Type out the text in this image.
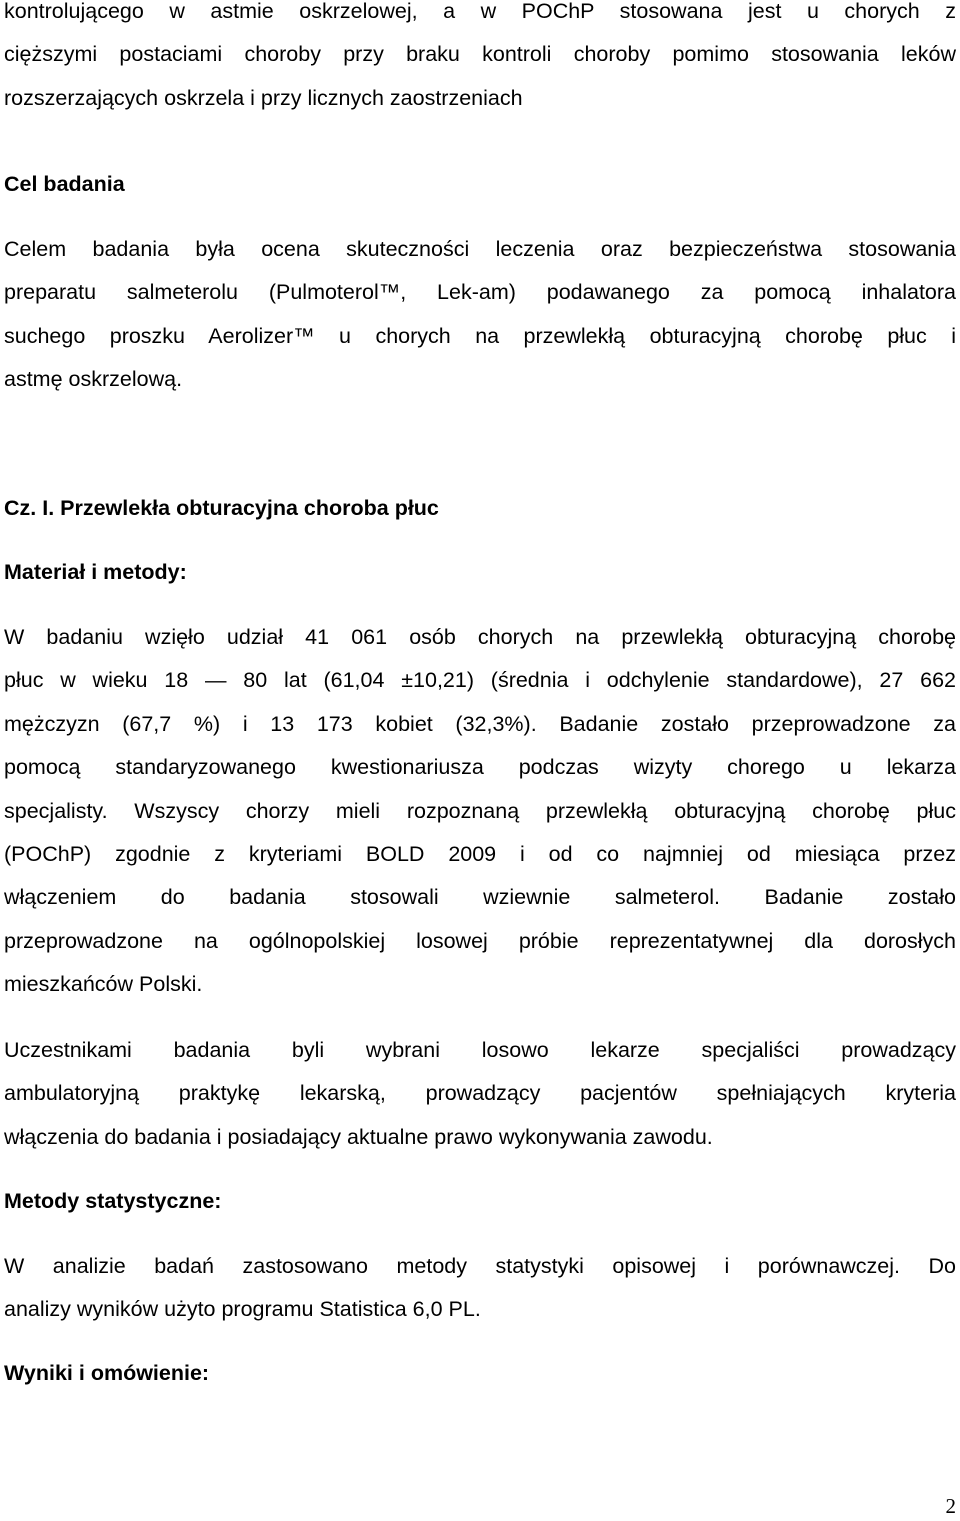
kontrolującego w astmie oskrzelowej, a w POChP stosowana jest u chorych z
cięższymi postaciami choroby przy braku kontroli choroby pomimo stosowania leków
rozszerzających oskrzela i przy licznych zaostrzeniach
Cel badania
Celem badania była ocena skuteczności leczenia oraz bezpieczeństwa stosowania
preparatu salmeterolu (Pulmoterol™, Lek-am) podawanego za pomocą inhalatora
suchego proszku Aerolizer™ u chorych na przewlekłą obturacyjną chorobę płuc i
astmę oskrzelową.
Cz. I. Przewlekła obturacyjna choroba płuc
Materiał i metody:
W badaniu wzięło udział 41 061 osób chorych na przewlekłą obturacyjną chorobę
płuc w wieku 18 — 80 lat (61,04 ±10,21) (średnia i odchylenie standardowe), 27 662
mężczyzn (67,7 %) i 13 173 kobiet (32,3%). Badanie zostało przeprowadzone za
pomocą standaryzowanego kwestionariusza podczas wizyty chorego u lekarza
specjalisty. Wszyscy chorzy mieli rozpoznaną przewlekłą obturacyjną chorobę płuc
(POChP) zgodnie z kryteriami BOLD 2009 i od co najmniej od miesiąca przez
włączeniem do badania stosowali wziewnie salmeterol. Badanie zostało
przeprowadzone na ogólnopolskiej losowej próbie reprezentatywnej dla dorosłych
mieszkańców Polski.
Uczestnikami badania byli wybrani losowo lekarze specjaliści prowadzący
ambulatoryjną praktykę lekarską, prowadzący pacjentów spełniających kryteria
włączenia do badania i posiadający aktualne prawo wykonywania zawodu.
Metody statystyczne:
W analizie badań zastosowano metody statystyki opisowej i porównawczej. Do
analizy wyników użyto programu Statistica 6,0 PL.
Wyniki i omówienie:
2
